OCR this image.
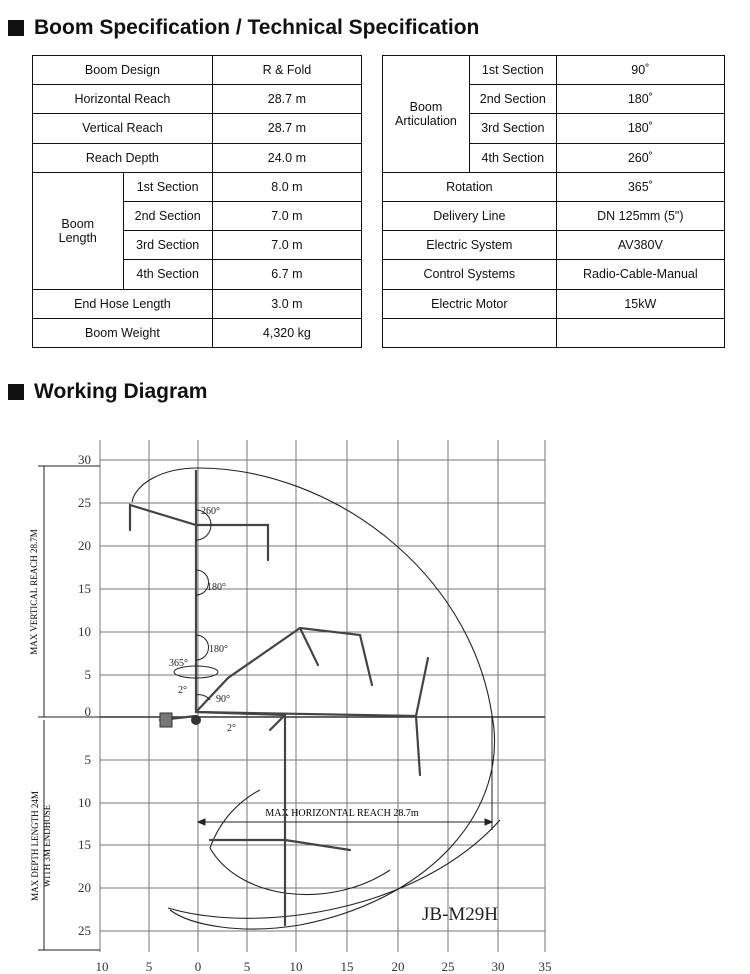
Boom Specification / Technical Specification
Boom Design		R & Fold
Horizontal Reach		28.7 m
Vertical Reach		28.7 m
Reach Depth		24.0 m
Boom Length	1st Section	8.0 m
	2nd Section	7.0 m
	3rd Section	7.0 m
	4th Section	6.7 m
End Hose Length		3.0 m
Boom Weight		4,320 kg
Boom Articulation	1st Section	90˚
	2nd Section	180˚
	3rd Section	180˚
	4th Section	260˚
Rotation		365˚
Delivery Line		DN 125mm (5")
Electric System		AV380V
Control Systems		Radio-Cable-Manual
Electric Motor		15kW

Working Diagram
30
25
20
15
10
5
0
5
10
15
20
25
10	5	0	5	10	15	20	25	30	35
MAX VERTICAL REACH 28.7M
MAX DEPTH LENGTH 24M WITH 3M ENDHOSE	MAX HORIZONTAL REACH 28.7m
260°
180°
180°
365°
2°
90°
2°
JB-M29H
